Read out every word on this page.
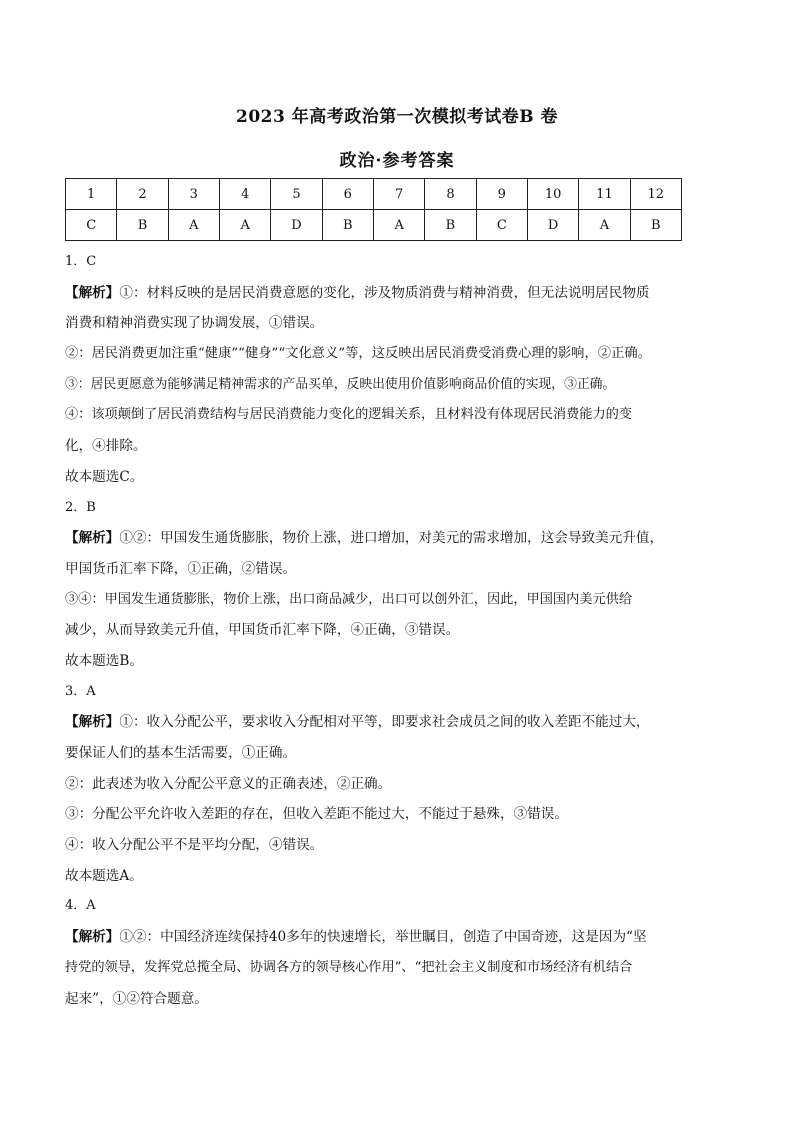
2023 年高考政治第一次模拟考试卷B 卷
政治·参考答案
1	2	3	4	5	6	7	8	9	10	11	12
C	B	A	A	D	B	A	B	C	D	A	B
1．C
【解析】①：材料反映的是居民消费意愿的变化，涉及物质消费与精神消费，但无法说明居民物质
消费和精神消费实现了协调发展，①错误。
②：居民消费更加注重“健康”“健身”“文化意义”等，这反映出居民消费受消费心理的影响，②正确。
③：居民更愿意为能够满足精神需求的产品买单，反映出使用价值影响商品价值的实现，③正确。
④：该项颠倒了居民消费结构与居民消费能力变化的逻辑关系，且材料没有体现居民消费能力的变
化，④排除。
故本题选C。
2．B
【解析】①②：甲国发生通货膨胀，物价上涨，进口增加，对美元的需求增加，这会导致美元升值，
甲国货币汇率下降，①正确，②错误。
③④：甲国发生通货膨胀，物价上涨，出口商品减少，出口可以创外汇，因此，甲国国内美元供给
减少，从而导致美元升值，甲国货币汇率下降，④正确，③错误。
故本题选B。
3．A
【解析】①：收入分配公平，要求收入分配相对平等，即要求社会成员之间的收入差距不能过大，
要保证人们的基本生活需要，①正确。
②：此表述为收入分配公平意义的正确表述，②正确。
③：分配公平允许收入差距的存在，但收入差距不能过大，不能过于悬殊，③错误。
④：收入分配公平不是平均分配，④错误。
故本题选A。
4．A
【解析】①②：中国经济连续保持40多年的快速增长，举世瞩目，创造了中国奇迹，这是因为“坚
持党的领导，发挥党总揽全局、协调各方的领导核心作用”、“把社会主义制度和市场经济有机结合
起来”，①②符合题意。
